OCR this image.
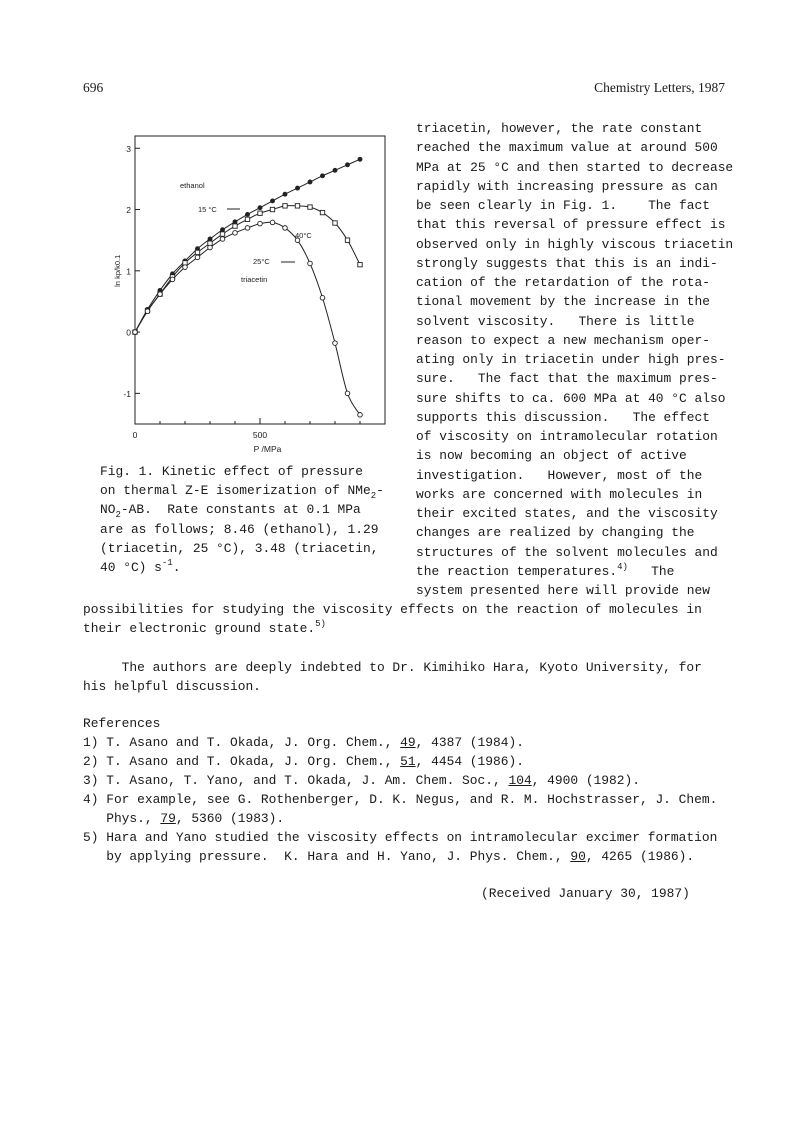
696	Chemistry Letters, 1987
3
2
1
0
-1
0	500
P /MPa
ln kp/k0.1
ethanol
15 °C
40°C
25°C
triacetin
Fig. 1. Kinetic effect of pressure
on thermal Z-E isomerization of NMe$_2$-
$NO_2-AB$.  Rate constants at 0.1 MPa
are as follows; 8.46 (ethanol), 1.29
(triacetin, 25 °C), 3.48 (triacetin,
40 °C) $s^{-1}$.
triacetin, however, the rate constant
reached the maximum value at around 500
MPa at 25 °C and then started to decrease
rapidly with increasing pressure as can
be seen clearly in Fig. 1.    The fact
that this reversal of pressure effect is
observed only in highly viscous triacetin
strongly suggests that this is an indi-
cation of the retardation of the rota-
tional movement by the increase in the
solvent viscosity.   There is little
reason to expect a new mechanism oper-
ating only in triacetin under high pres-
sure.   The fact that the maximum pres-
sure shifts to ca. 600 MPa at 40 °C also
supports this discussion.   The effect
of viscosity on intramolecular rotation
is now becoming an object of active
investigation.   However, most of the
works are concerned with molecules in
their excited states, and the viscosity
changes are realized by changing the
structures of the solvent molecules and
the reaction temperatures.$^{4)}$   The
system presented here will provide new
possibilities for studying the viscosity effects on the reaction of molecules in
their electronic ground state.$^{5)}$
The authors are deeply indebted to Dr. Kimihiko Hara, Kyoto University, for
his helpful discussion.
References
1) T. Asano and T. Okada, J. Org. Chem., 49, 4387 (1984).
2) T. Asano and T. Okada, J. Org. Chem., 51, 4454 (1986).
3) T. Asano, T. Yano, and T. Okada, J. Am. Chem. Soc., 104, 4900 (1982).
4) For example, see G. Rothenberger, D. K. Negus, and R. M. Hochstrasser, J. Chem.
Phys., 79, 5360 (1983).
5) Hara and Yano studied the viscosity effects on intramolecular excimer formation
by applying pressure.  K. Hara and H. Yano, J. Phys. Chem., 90, 4265 (1986).
(Received January 30, 1987)
